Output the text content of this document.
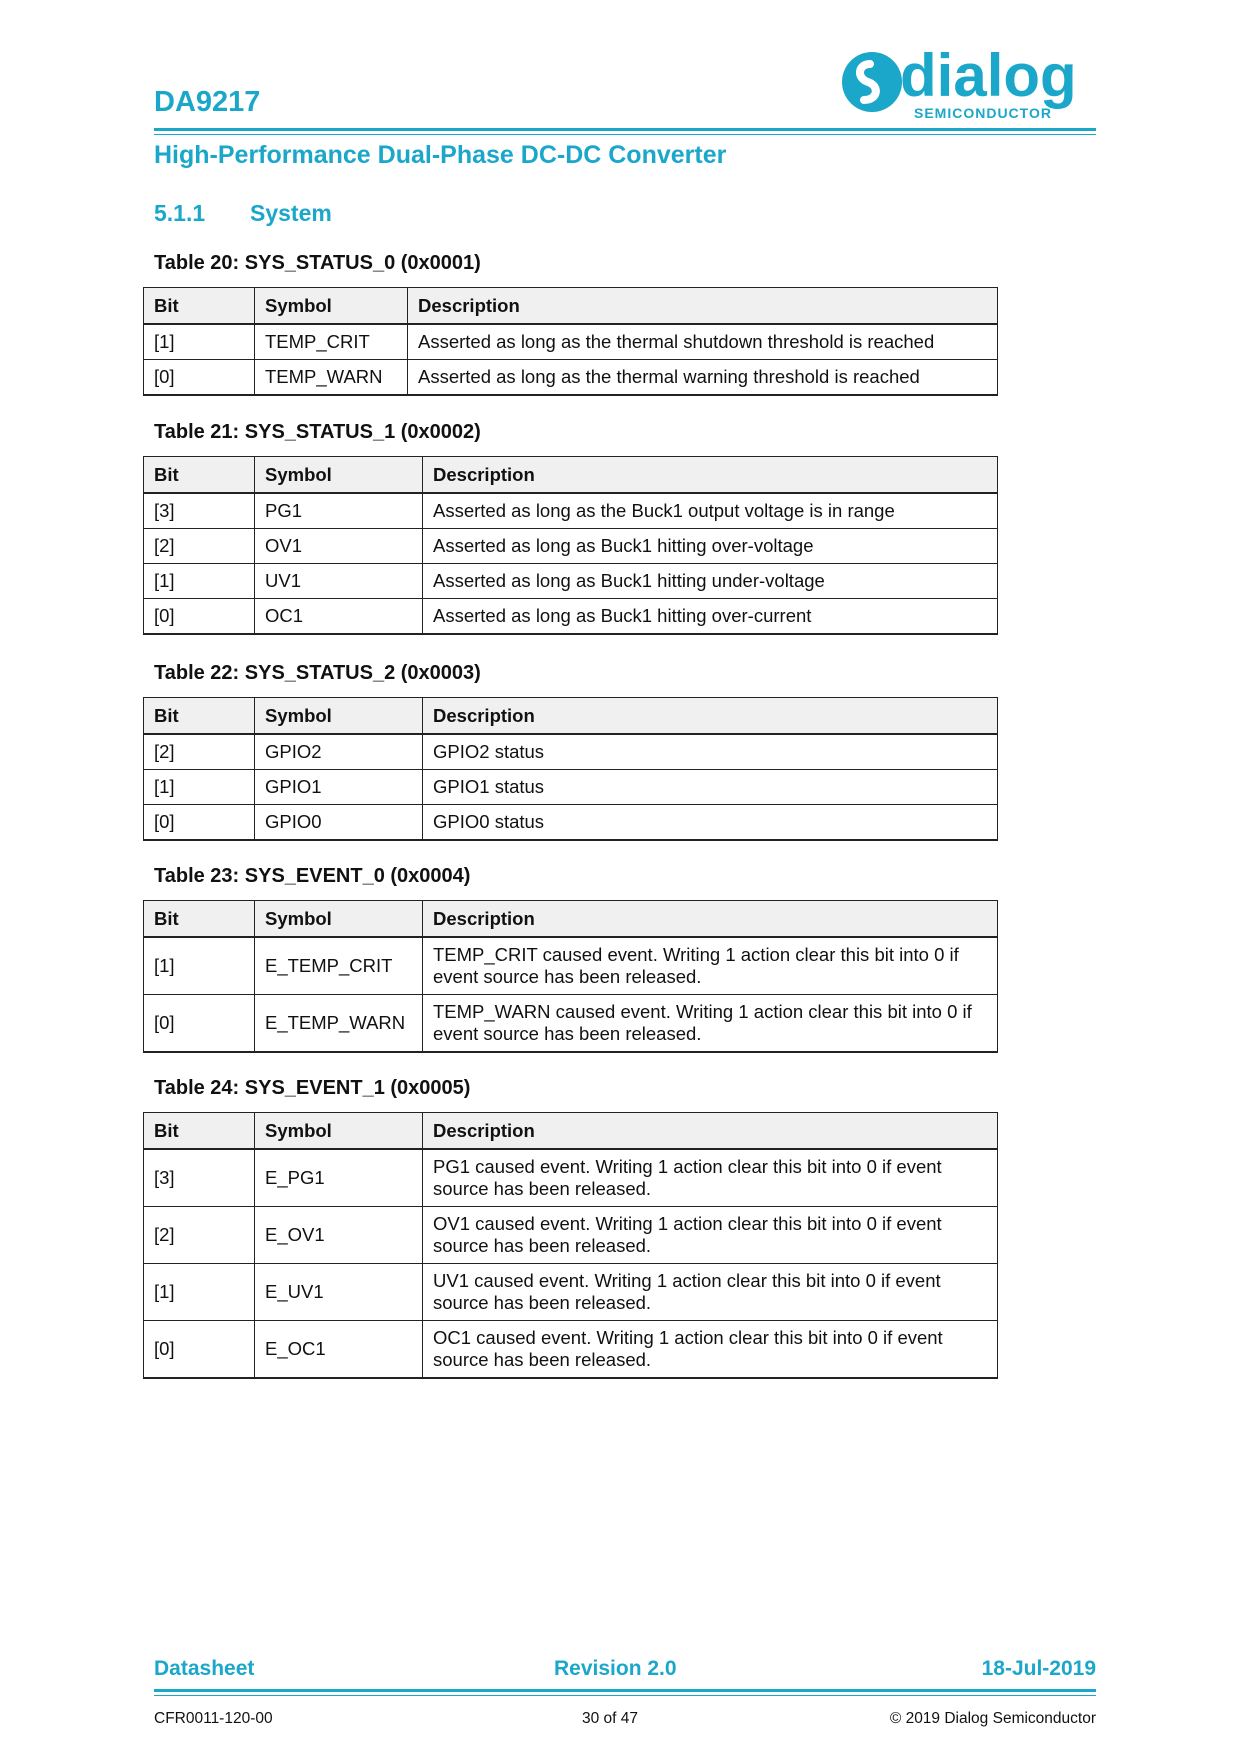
DA9217	dialog
SEMICONDUCTOR
High-Performance Dual-Phase DC-DC Converter
5.1.1 System
Table 20: SYS_STATUS_0 (0x0001)
Bit	Symbol	Description
[1]	TEMP_CRIT	Asserted as long as the thermal shutdown threshold is reached
[0]	TEMP_WARN	Asserted as long as the thermal warning threshold is reached
Table 21: SYS_STATUS_1 (0x0002)
Bit	Symbol	Description
[3]	PG1	Asserted as long as the Buck1 output voltage is in range
[2]	OV1	Asserted as long as Buck1 hitting over-voltage
[1]	UV1	Asserted as long as Buck1 hitting under-voltage
[0]	OC1	Asserted as long as Buck1 hitting over-current
Table 22: SYS_STATUS_2 (0x0003)
Bit	Symbol	Description
[2]	GPIO2	GPIO2 status
[1]	GPIO1	GPIO1 status
[0]	GPIO0	GPIO0 status
Table 23: SYS_EVENT_0 (0x0004)
Bit	Symbol	Description
[1]	E_TEMP_CRIT	TEMP_CRIT caused event. Writing 1 action clear this bit into 0 if event source has been released.
[0]	E_TEMP_WARN	TEMP_WARN caused event. Writing 1 action clear this bit into 0 if event source has been released.
Table 24: SYS_EVENT_1 (0x0005)
Bit	Symbol	Description
[3]	E_PG1	PG1 caused event. Writing 1 action clear this bit into 0 if event source has been released.
[2]	E_OV1	OV1 caused event. Writing 1 action clear this bit into 0 if event source has been released.
[1]	E_UV1	UV1 caused event. Writing 1 action clear this bit into 0 if event source has been released.
[0]	E_OC1	OC1 caused event. Writing 1 action clear this bit into 0 if event source has been released.
Datasheet	Revision 2.0	18-Jul-2019
CFR0011-120-00	30 of 47	© 2019 Dialog Semiconductor
